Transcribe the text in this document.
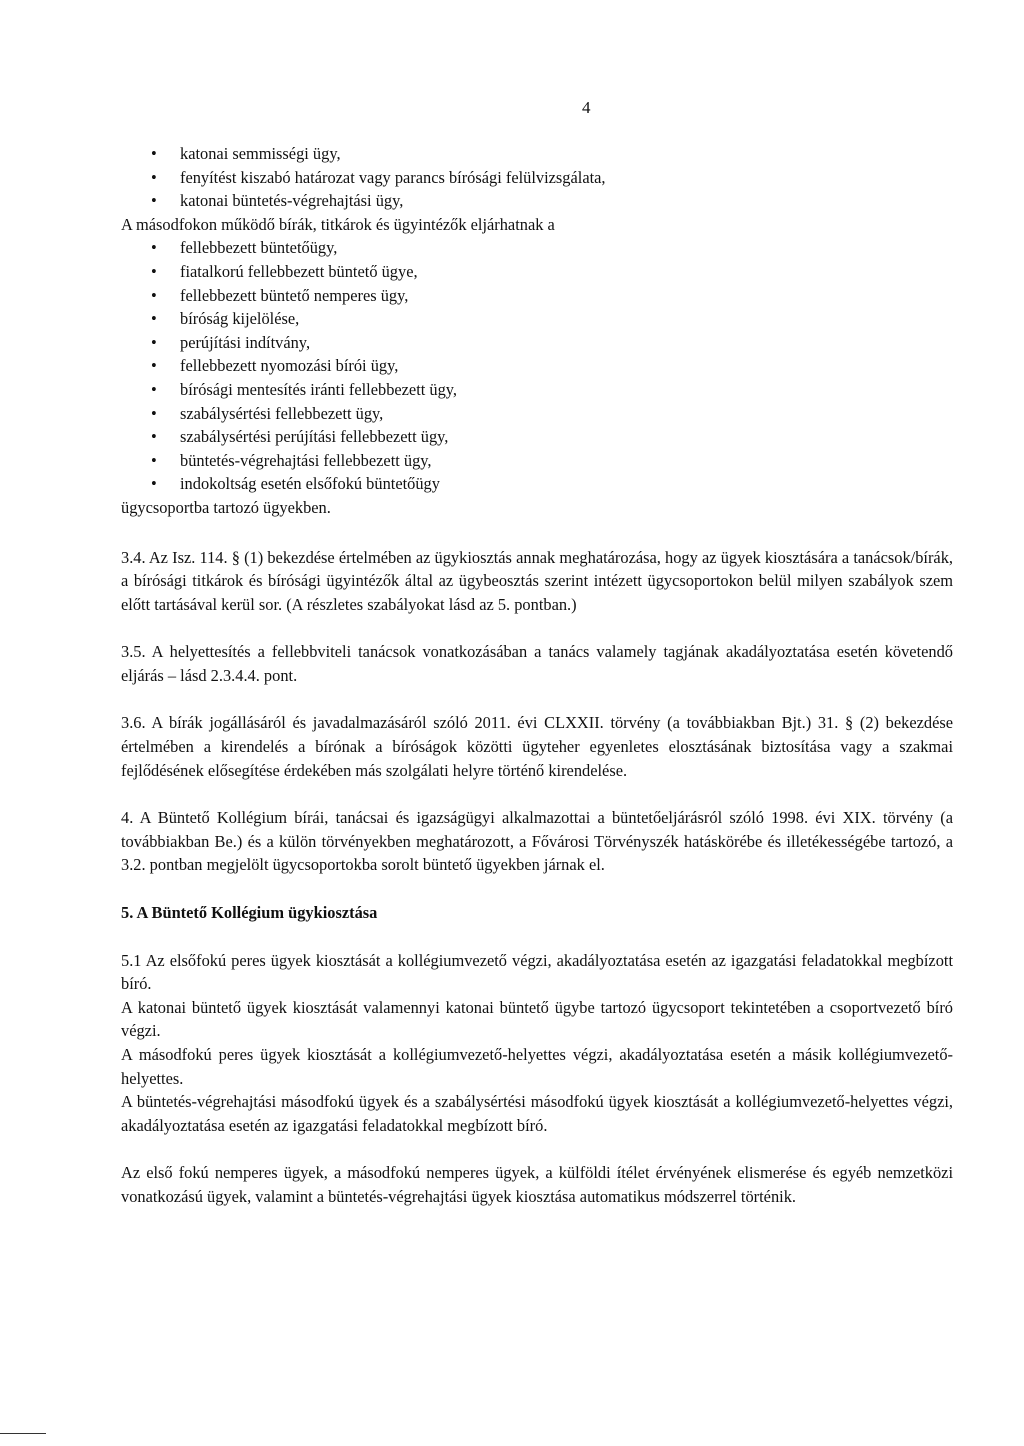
4
• katonai semmisségi ügy,
• fenyítést kiszabó határozat vagy parancs bírósági felülvizsgálata,
• katonai büntetés-végrehajtási ügy,

A másodfokon működő bírák, titkárok és ügyintézők eljárhatnak a

• fellebbezett büntetőügy,
• fiatalkorú fellebbezett büntető ügye,
• fellebbezett büntető nemperes ügy,
• bíróság kijelölése,
• perújítási indítvány,
• fellebbezett nyomozási bírói ügy,
• bírósági mentesítés iránti fellebbezett ügy,
• szabálysértési fellebbezett ügy,
• szabálysértési perújítási fellebbezett ügy,
• büntetés-végrehajtási fellebbezett ügy,
• indokoltság esetén elsőfokú büntetőügy

ügycsoportba tartozó ügyekben.

3.4. Az Isz. 114. § (1) bekezdése értelmében az ügykiosztás annak meghatározása, hogy az ügyek kiosztására a tanácsok/bírák, a bírósági titkárok és bírósági ügyintézők által az ügybeosztás szerint intézett ügycsoportokon belül milyen szabályok szem előtt tartásával kerül sor. (A részletes szabályokat lásd az 5. pontban.)

3.5. A helyettesítés a fellebbviteli tanácsok vonatkozásában a tanács valamely tagjának akadályoztatása esetén követendő eljárás – lásd 2.3.4.4. pont.

3.6. A bírák jogállásáról és javadalmazásáról szóló 2011. évi CLXXII. törvény (a továbbiakban Bjt.) 31. § (2) bekezdése értelmében a kirendelés a bírónak a bíróságok közötti ügyteher egyenletes elosztásának biztosítása vagy a szakmai fejlődésének elősegítése érdekében más szolgálati helyre történő kirendelése.

4. A Büntető Kollégium bírái, tanácsai és igazságügyi alkalmazottai a büntetőeljárásról szóló 1998. évi XIX. törvény (a továbbiakban Be.) és a külön törvényekben meghatározott, a Fővárosi Törvényszék hatáskörébe és illetékességébe tartozó, a 3.2. pontban megjelölt ügycsoportokba sorolt büntető ügyekben járnak el.

5. A Büntető Kollégium ügykiosztása

5.1 Az elsőfokú peres ügyek kiosztását a kollégiumvezető végzi, akadályoztatása esetén az igazgatási feladatokkal megbízott bíró.

A katonai büntető ügyek kiosztását valamennyi katonai büntető ügybe tartozó ügycsoport tekintetében a csoportvezető bíró végzi.

A másodfokú peres ügyek kiosztását a kollégiumvezető-helyettes végzi, akadályoztatása esetén a másik kollégiumvezető-helyettes.

A büntetés-végrehajtási másodfokú ügyek és a szabálysértési másodfokú ügyek kiosztását a kollégiumvezető-helyettes végzi, akadályoztatása esetén az igazgatási feladatokkal megbízott bíró.

Az első fokú nemperes ügyek, a másodfokú nemperes ügyek, a külföldi ítélet érvényének elismerése és egyéb nemzetközi vonatkozású ügyek, valamint a büntetés-végrehajtási ügyek kiosztása automatikus módszerrel történik.
